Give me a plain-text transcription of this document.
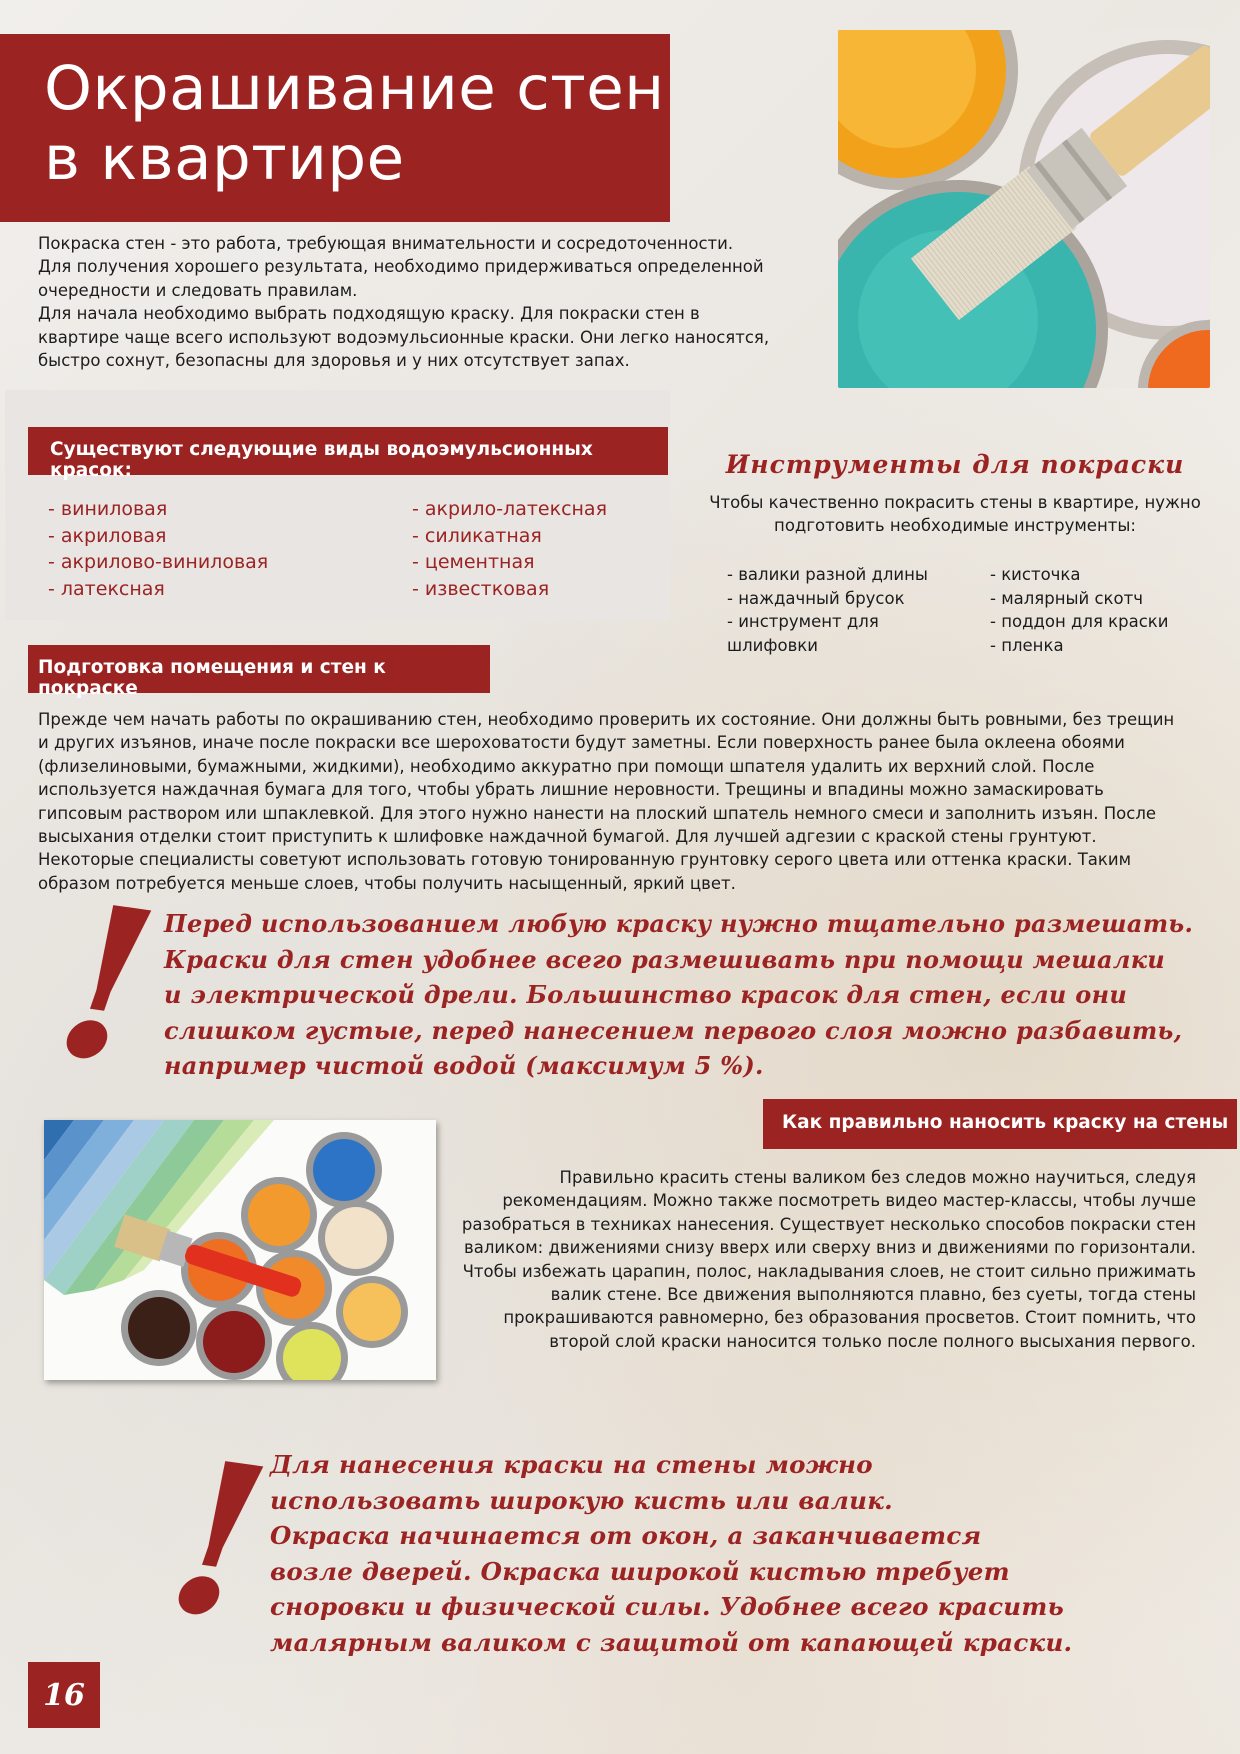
Окрашивание стен
в квартире

Покраска стен - это работа, требующая внимательности и сосредоточенности.

Для получения хорошего результата, необходимо придерживаться определенной

очередности и следовать правилам.

Для начала необходимо выбрать подходящую краску. Для покраски стен в

квартире чаще всего используют водоэмульсионные краски. Они легко наносятся,

быстро сохнут, безопасны для здоровья и у них отсутствует запах.

Существуют следующие виды водоэмульсионных красок:
- виниловая
- акриловая
- акрилово-виниловая
- латексная
- акрило-латексная
- силикатная
- цементная
- известковая
Инструменты для покраски
Чтобы качественно покрасить стены в квартире, нужно
подготовить необходимые инструменты:
- валики разной длины
- наждачный брусок
- инструмент для
шлифовки
- кисточка
- малярный скотч
- поддон для краски
- пленка
Подготовка помещения и стен к покраске
Прежде чем начать работы по окрашиванию стен, необходимо проверить их состояние. Они должны быть ровными, без трещин
и других изъянов, иначе после покраски все шероховатости будут заметны. Если поверхность ранее была оклеена обоями
(флизелиновыми, бумажными, жидкими), необходимо аккуратно при помощи шпателя удалить их верхний слой. После
используется наждачная бумага для того, чтобы убрать лишние неровности. Трещины и впадины можно замаскировать
гипсовым раствором или шпаклевкой. Для этого нужно нанести на плоский шпатель немного смеси и заполнить изъян. После
высыхания отделки стоит приступить к шлифовке наждачной бумагой. Для лучшей адгезии с краской стены грунтуют.
Некоторые специалисты советуют использовать готовую тонированную грунтовку серого цвета или оттенка краски. Таким
образом потребуется меньше слоев, чтобы получить насыщенный, яркий цвет.
!
Перед использованием любую краску нужно тщательно размешать.
Краски для стен удобнее всего размешивать при помощи мешалки
и электрической дрели. Большинство красок для стен, если они
слишком густые, перед нанесением первого слоя можно разбавить,
например чистой водой (максимум 5 %).
Как правильно наносить краску на стены
Правильно красить стены валиком без следов можно научиться, следуя
рекомендациям. Можно также посмотреть видео мастер-классы, чтобы лучше
разобраться в техниках нанесения. Существует несколько способов покраски стен
валиком: движениями снизу вверх или сверху вниз и движениями по горизонтали.
Чтобы избежать царапин, полос, накладывания слоев, не стоит сильно прижимать
валик стене. Все движения выполняются плавно, без суеты, тогда стены
прокрашиваются равномерно, без образования просветов. Стоит помнить, что
второй слой краски наносится только после полного высыхания первого.
!
Для нанесения краски на стены можно
использовать широкую кисть или валик.
Окраска начинается от окон, а заканчивается
возле дверей. Окраска широкой кистью требует
сноровки и физической силы. Удобнее всего красить
малярным валиком с защитой от капающей краски.
16
